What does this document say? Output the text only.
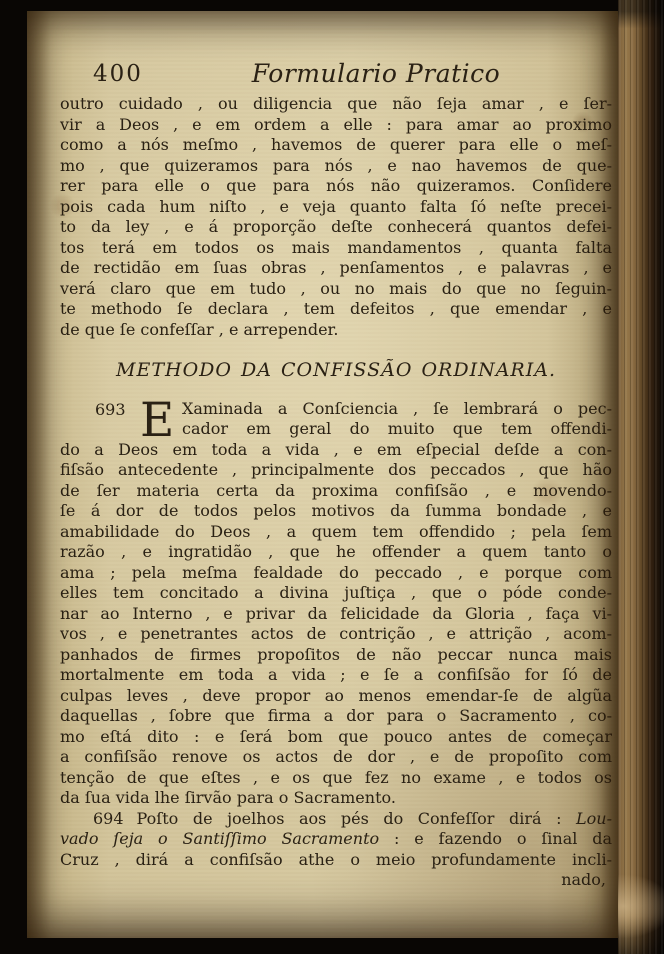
400	Formulario Pratico
outro cuidado , ou diligencia que não ſeja amar , e ſer-
vir a Deos , e em ordem a elle : para amar ao proximo
como a nós meſmo , havemos de querer para elle o meſ-
mo , que quizeramos para nós , e nao havemos de que-
rer para elle o que para nós não quizeramos. Conſidere
pois cada hum niſto , e veja quanto falta ſó neſte precei-
to da ley , e á proporção deſte conhecerá quantos defei-
tos terá em todos os mais mandamentos , quanta falta
de rectidão em ſuas obras , penſamentos , e palavras , e
verá claro que em tudo , ou no mais do que no ſeguin-
te methodo ſe declara , tem defeitos , que emendar , e
de que ſe confeſſar , e arrepender.
METHODO DA CONFISSÃO ORDINARIA.
693 E Xaminada a Conſciencia , ſe lembrará o pec-
cador em geral do muito que tem offendi-
do a Deos em toda a vida , e em eſpecial deſde a con-
fiſsão antecedente , principalmente dos peccados , que hão
de ſer materia certa da proxima confiſsão , e movendo-
ſe á dor de todos pelos motivos da ſumma bondade , e
amabilidade do Deos , a quem tem offendido ; pela ſem
razão , e ingratidão , que he offender a quem tanto o
ama ; pela meſma fealdade do peccado , e porque com
elles tem concitado a divina juſtiça , que o póde conde-
nar ao Interno , e privar da felicidade da Gloria , faça vi-
vos , e penetrantes actos de contrição , e attrição , acom-
panhados de firmes propoſitos de não peccar nunca mais
mortalmente em toda a vida ; e ſe a confiſsão for ſó de
culpas leves , deve propor ao menos emendar-ſe de algũa
daquellas , ſobre que firma a dor para o Sacramento , co-
mo eſtá dito : e ſerá bom que pouco antes de começar
a confiſsão renove os actos de dor , e de propoſito com
tenção de que eſtes , e os que fez no exame , e todos os
da ſua vida lhe ſirvão para o Sacramento.
694 Poſto de joelhos aos pés do Confeſſor dirá : Lou-
vado ſeja o Santiſſimo Sacramento : e fazendo o ſinal da
Cruz , dirá a confiſsão athe o meio profundamente incli-
nado,
